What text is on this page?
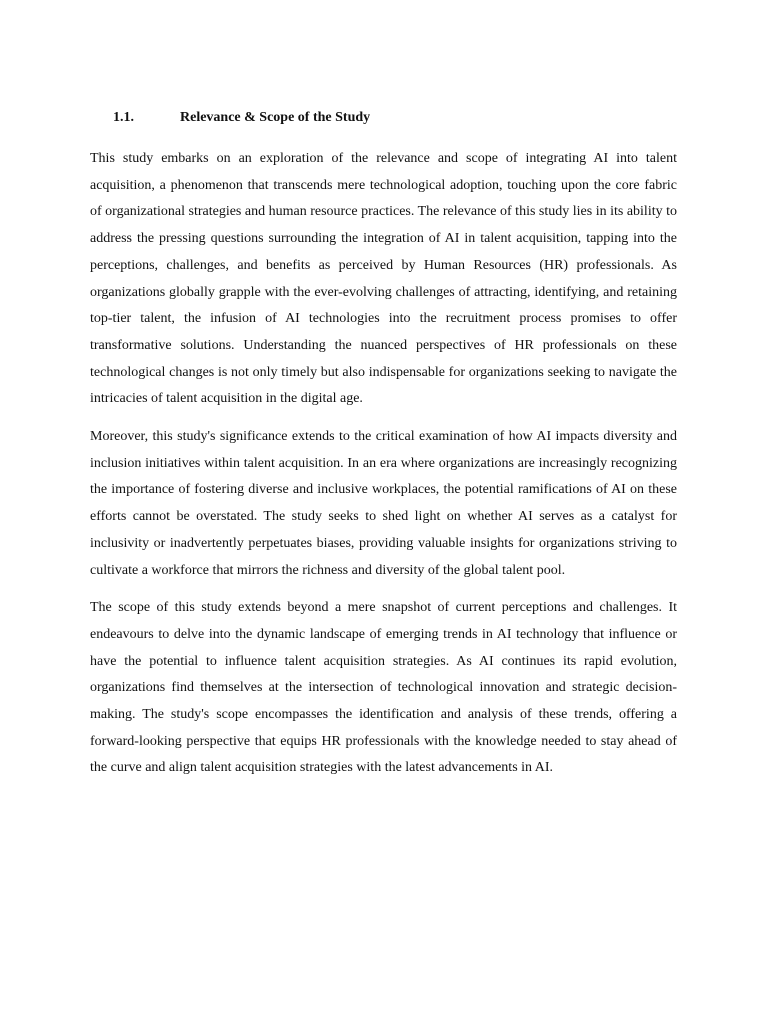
1.1.	Relevance & Scope of the Study

This study embarks on an exploration of the relevance and scope of integrating AI into talent acquisition, a phenomenon that transcends mere technological adoption, touching upon the core fabric of organizational strategies and human resource practices. The relevance of this study lies in its ability to address the pressing questions surrounding the integration of AI in talent acquisition, tapping into the perceptions, challenges, and benefits as perceived by Human Resources (HR) professionals. As organizations globally grapple with the ever-evolving challenges of attracting, identifying, and retaining top-tier talent, the infusion of AI technologies into the recruitment process promises to offer transformative solutions. Understanding the nuanced perspectives of HR professionals on these technological changes is not only timely but also indispensable for organizations seeking to navigate the intricacies of talent acquisition in the digital age.

Moreover, this study's significance extends to the critical examination of how AI impacts diversity and inclusion initiatives within talent acquisition. In an era where organizations are increasingly recognizing the importance of fostering diverse and inclusive workplaces, the potential ramifications of AI on these efforts cannot be overstated. The study seeks to shed light on whether AI serves as a catalyst for inclusivity or inadvertently perpetuates biases, providing valuable insights for organizations striving to cultivate a workforce that mirrors the richness and diversity of the global talent pool.

The scope of this study extends beyond a mere snapshot of current perceptions and challenges. It endeavours to delve into the dynamic landscape of emerging trends in AI technology that influence or have the potential to influence talent acquisition strategies. As AI continues its rapid evolution, organizations find themselves at the intersection of technological innovation and strategic decision-making. The study's scope encompasses the identification and analysis of these trends, offering a forward-looking perspective that equips HR professionals with the knowledge needed to stay ahead of the curve and align talent acquisition strategies with the latest advancements in AI.
